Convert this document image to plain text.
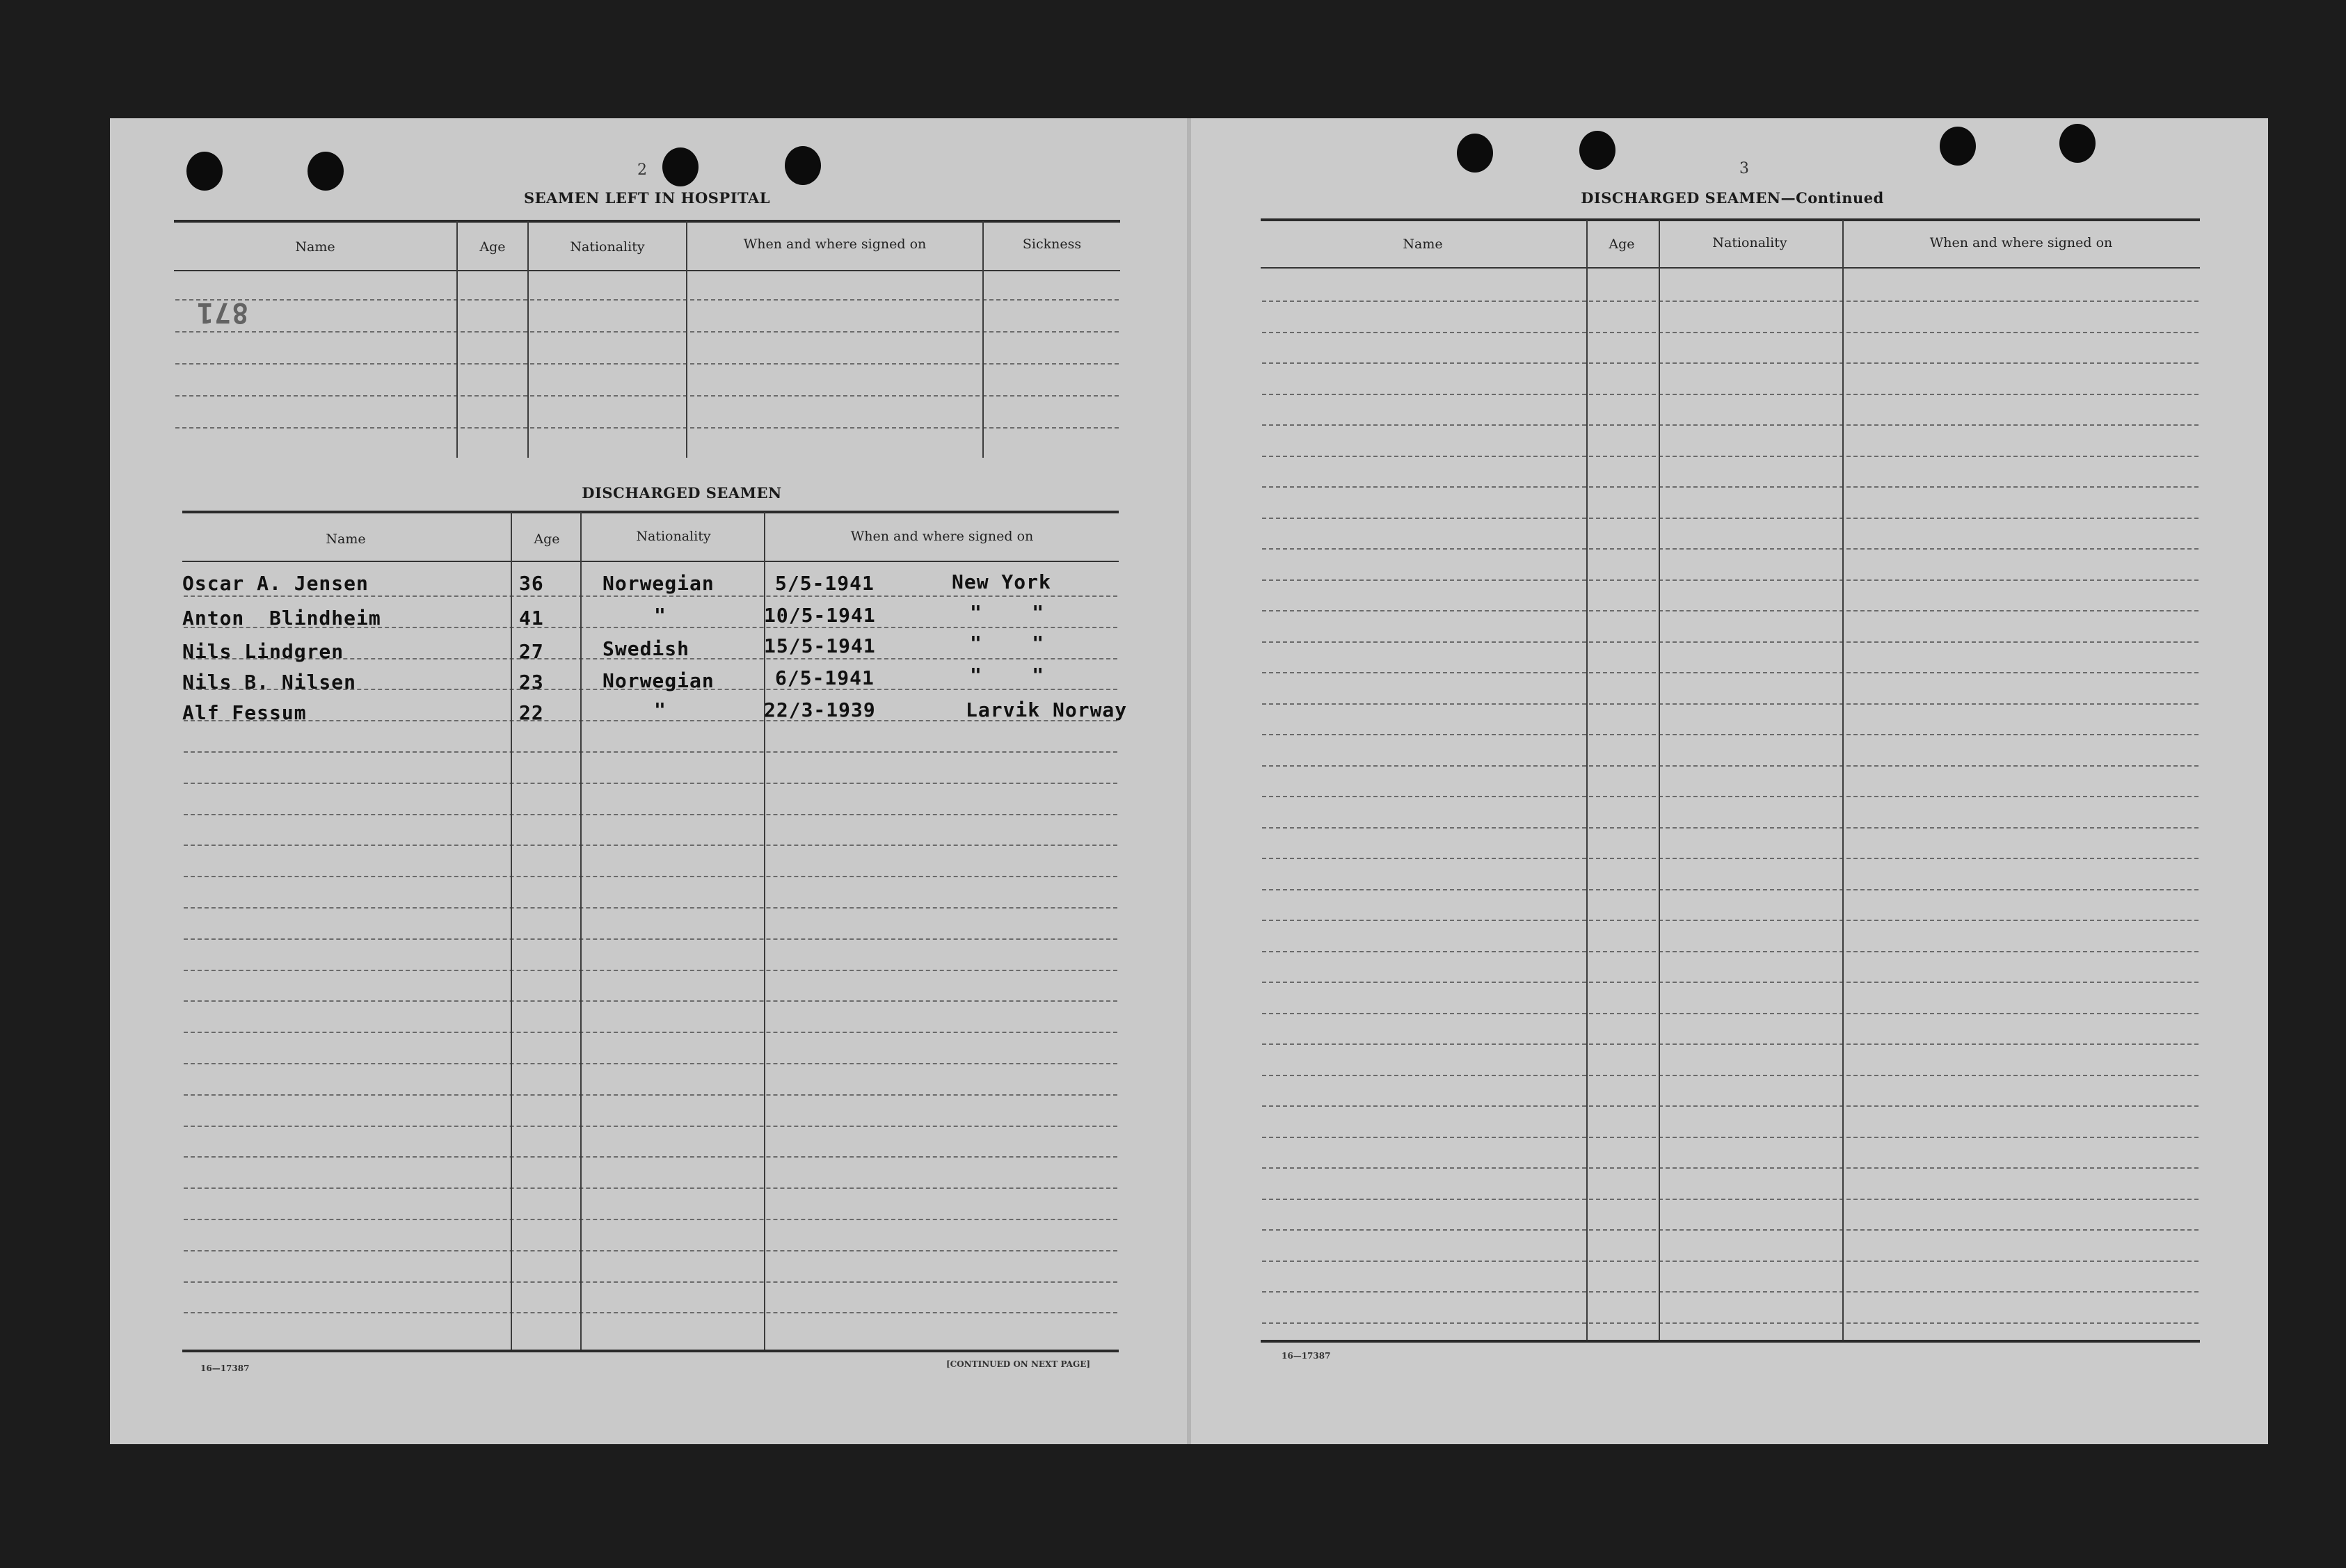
2
SEAMEN LEFT IN HOSPITAL
Name	Age	Nationality	When and where signed on	Sickness
871
DISCHARGED SEAMEN
Name	Age	Nationality	When and where signed on
Oscar A. Jensen	36	Norwegian	5/5-1941	New York
Anton  Blindheim	41	"	10/5-1941	"    "
Nils Lindgren	27	Swedish	15/5-1941	"    "
Nils B. Nilsen	23	Norwegian	6/5-1941	"    "
Alf Fessum	22	"	22/3-1939	Larvik Norway
16—17387	[CONTINUED ON NEXT PAGE]
3
DISCHARGED SEAMEN—Continued
Name	Age	Nationality	When and where signed on
16—17387
